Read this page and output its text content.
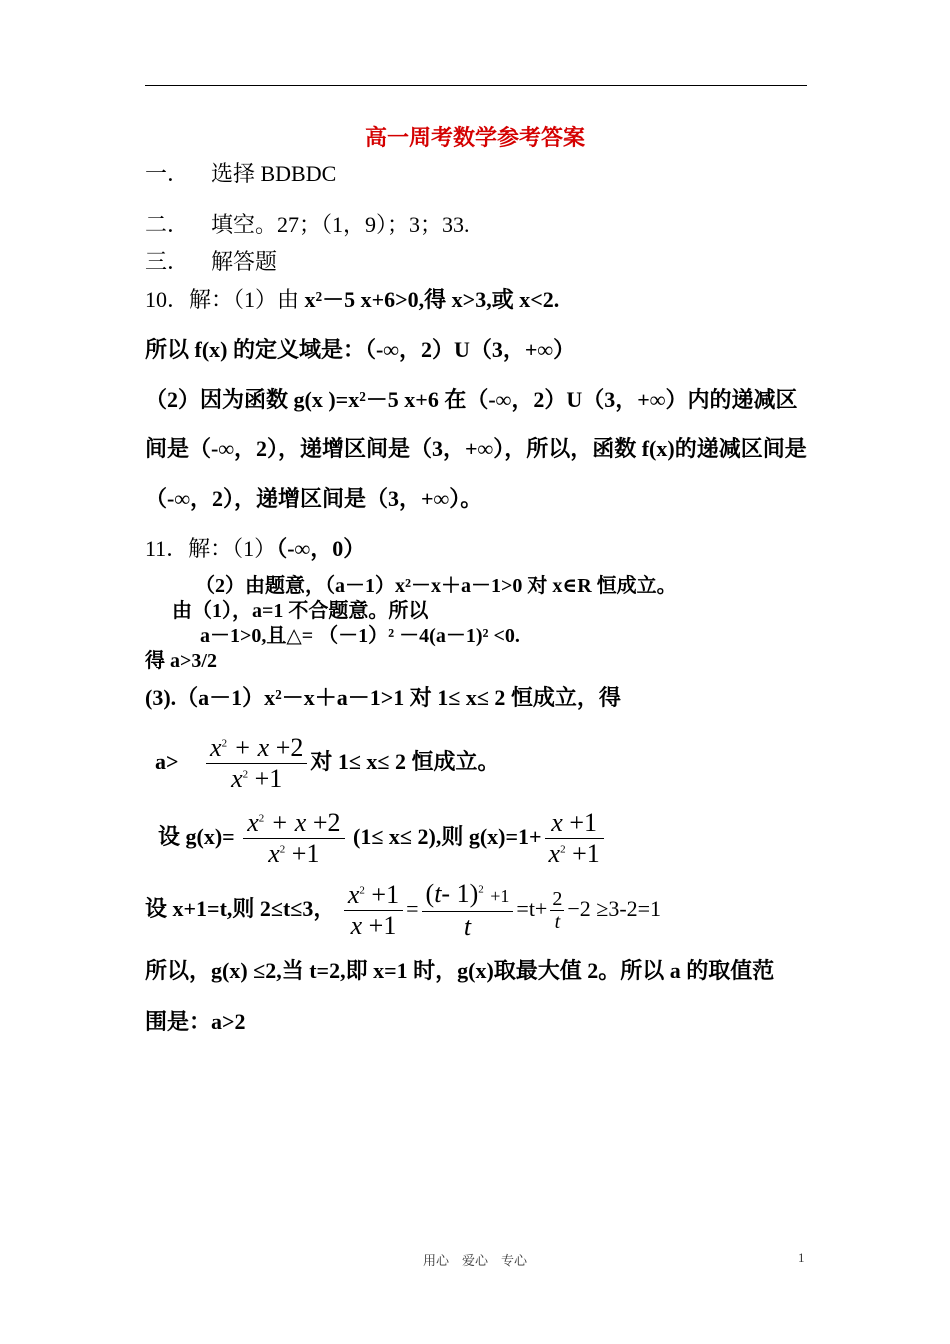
高一周考数学参考答案
一． 选择 BDBDC
二． 填空。27；（1，9）；3；33.
三． 解答题
10．解：（1）由 x²－5 x+6>0,得 x>3,或 x<2.
所以 f(x) 的定义域是：（-∞，2）U（3，+∞）
（2）因为函数 g(x )=x²－5 x+6 在（-∞，2）U（3，+∞）内的递减区
间是（-∞，2），递增区间是（3，+∞），所以，函数 f(x)的递减区间是
（-∞，2），递增区间是（3，+∞）。
11．解：（1）（-∞，0）
（2）由题意，（a－1）x²－x＋a－1>0 对 x∈R 恒成立。
由（1），a=1 不合题意。所以
a－1>0,且△= （－1）² －4(a－1)² <0.
得 a>3/2
(3).（a－1）x²－x＋a－1>1 对 1≤ x≤ 2 恒成立，得
$a> \frac{x^2 + x +2}{x^2 +1}$ 对 1≤ x≤ 2 恒成立。
设 $g(x)= \frac{x^2 + x +2}{x^2 +1} (1\le x\le 2)$,则 $g(x)=1+ \frac{x +1}{x^2 +1}$
设 x+1=t,则 2≤t≤3， $\frac{x^2 +1}{x +1} = \frac{(t- 1)^2 +1}{t} =t+ \frac{2}{t} -2 \ge 3-2=1$
所以，g(x) ≤2,当 t=2,即 x=1 时，g(x)取最大值 2。所以 a 的取值范
围是：a>2
用心　爱心　专心	1
